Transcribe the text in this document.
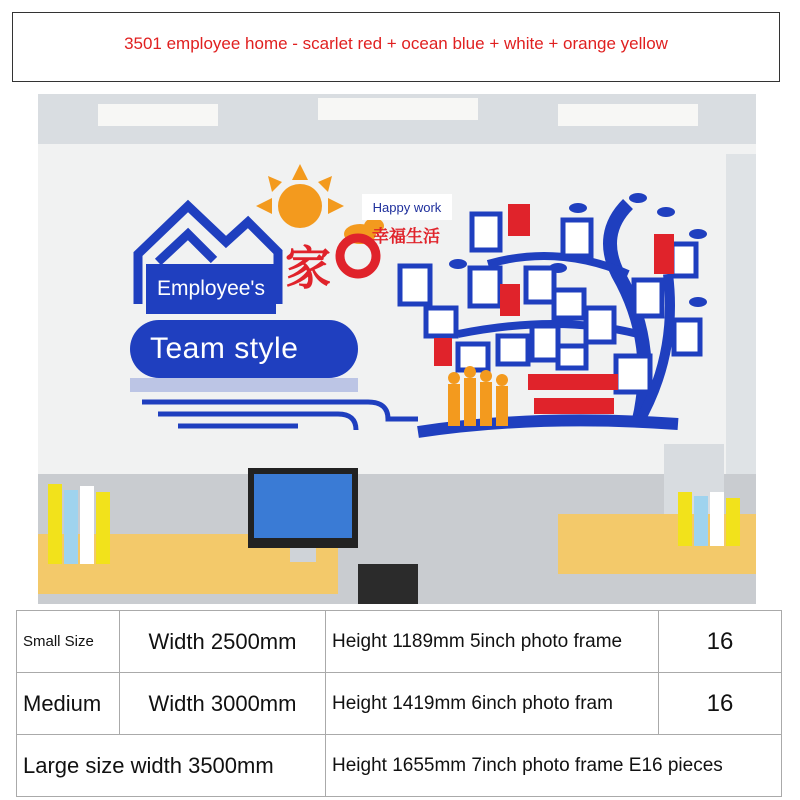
3501 employee home - scarlet red + ocean blue + white + orange yellow
Happy work
幸福生活
家
Employee's
Team style
Small Size	Width 2500mm	Height 1189mm 5inch photo frame	16
Medium	Width 3000mm	Height 1419mm 6inch photo fram	16
Large size width 3500mm		Height 1655mm 7inch photo frame E16 pieces	
